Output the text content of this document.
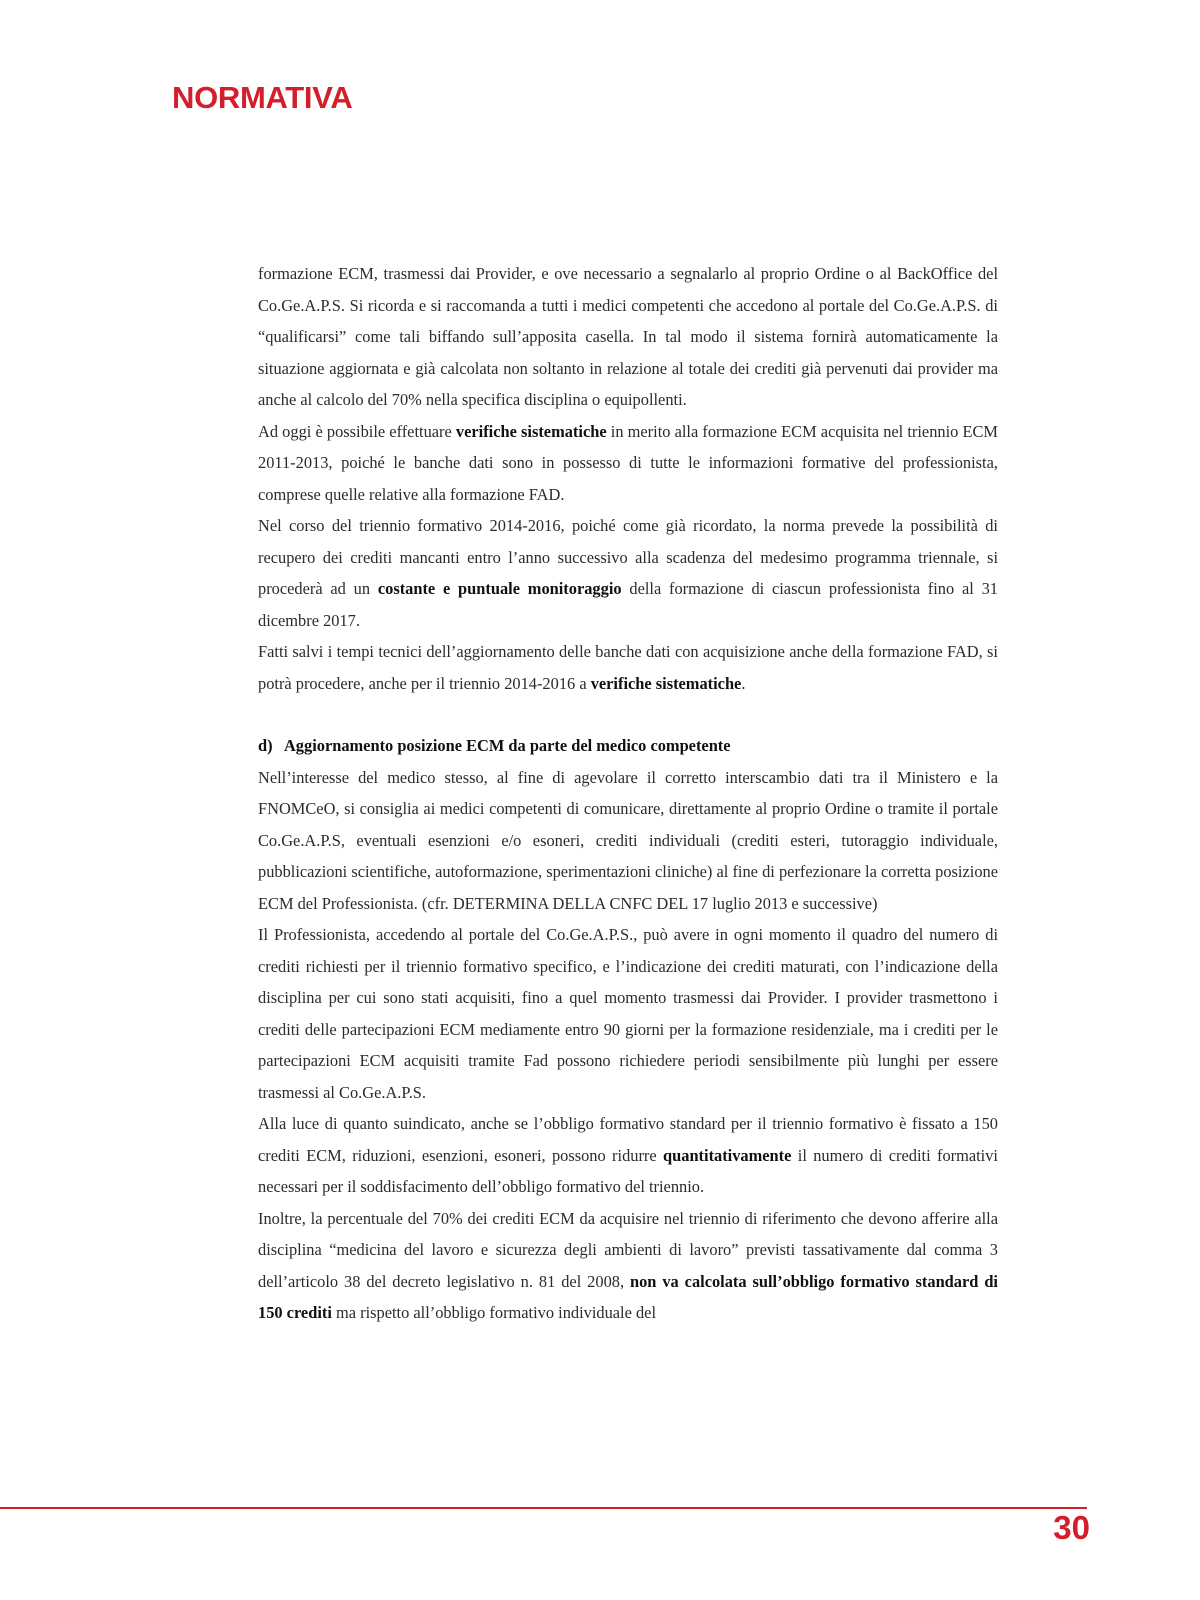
NORMATIVA

formazione ECM, trasmessi dai Provider, e ove necessario a segnalarlo al proprio Ordine o al BackOffice del Co.Ge.A.P.S. Si ricorda e si raccomanda a tutti i medici competenti che accedono al portale del Co.Ge.A.P.S. di “qualificarsi” come tali biffando sull’apposita casella. In tal modo il sistema fornirà automaticamente la situazione aggiornata e già calcolata non soltanto in relazione al totale dei crediti già pervenuti dai provider ma anche al calcolo del 70% nella specifica disciplina o equipollenti.

Ad oggi è possibile effettuare verifiche sistematiche in merito alla formazione ECM acquisita nel triennio ECM 2011-2013, poiché le banche dati sono in possesso di tutte le informazioni formative del professionista, comprese quelle relative alla formazione FAD.

Nel corso del triennio formativo 2014-2016, poiché come già ricordato, la norma prevede la possibilità di recupero dei crediti mancanti entro l’anno successivo alla scadenza del medesimo programma triennale, si procederà ad un costante e puntuale monitoraggio della formazione di ciascun professionista fino al 31 dicembre 2017.

Fatti salvi i tempi tecnici dell’aggiornamento delle banche dati con acquisizione anche della formazione FAD, si potrà procedere, anche per il triennio 2014-2016 a verifiche sistematiche.

d)   Aggiornamento posizione ECM da parte del medico competente

Nell’interesse del medico stesso, al fine di agevolare il corretto interscambio dati tra il Ministero e la FNOMCeO, si consiglia ai medici competenti di comunicare, direttamente al proprio Ordine o tramite il portale Co.Ge.A.P.S, eventuali esenzioni e/o esoneri, crediti individuali (crediti esteri, tutoraggio individuale, pubblicazioni scientifiche, autoformazione, sperimentazioni cliniche) al fine di perfezionare la corretta posizione ECM del Professionista. (cfr. DETERMINA DELLA CNFC DEL 17 luglio 2013 e successive)

Il Professionista, accedendo al portale del Co.Ge.A.P.S., può avere in ogni momento il quadro del numero di crediti richiesti per il triennio formativo specifico, e l’indicazione dei crediti maturati, con l’indicazione della disciplina per cui sono stati acquisiti, fino a quel momento trasmessi dai Provider. I provider trasmettono i crediti delle partecipazioni ECM mediamente entro 90 giorni per la formazione residenziale, ma i crediti per le partecipazioni ECM acquisiti tramite Fad possono richiedere periodi sensibilmente più lunghi per essere trasmessi al Co.Ge.A.P.S.

Alla luce di quanto suindicato, anche se l’obbligo formativo standard per il triennio formativo è fissato a 150 crediti ECM, riduzioni, esenzioni, esoneri, possono ridurre quantitativamente il numero di crediti formativi necessari per il soddisfacimento dell’obbligo formativo del triennio.

Inoltre, la percentuale del 70% dei crediti ECM da acquisire nel triennio di riferimento che devono afferire alla disciplina “medicina del lavoro e sicurezza degli ambienti di lavoro” previsti tassativamente dal comma 3 dell’articolo 38 del decreto legislativo n. 81 del 2008, non va calcolata sull’obbligo formativo standard di 150 crediti ma rispetto all’obbligo formativo individuale del

30
